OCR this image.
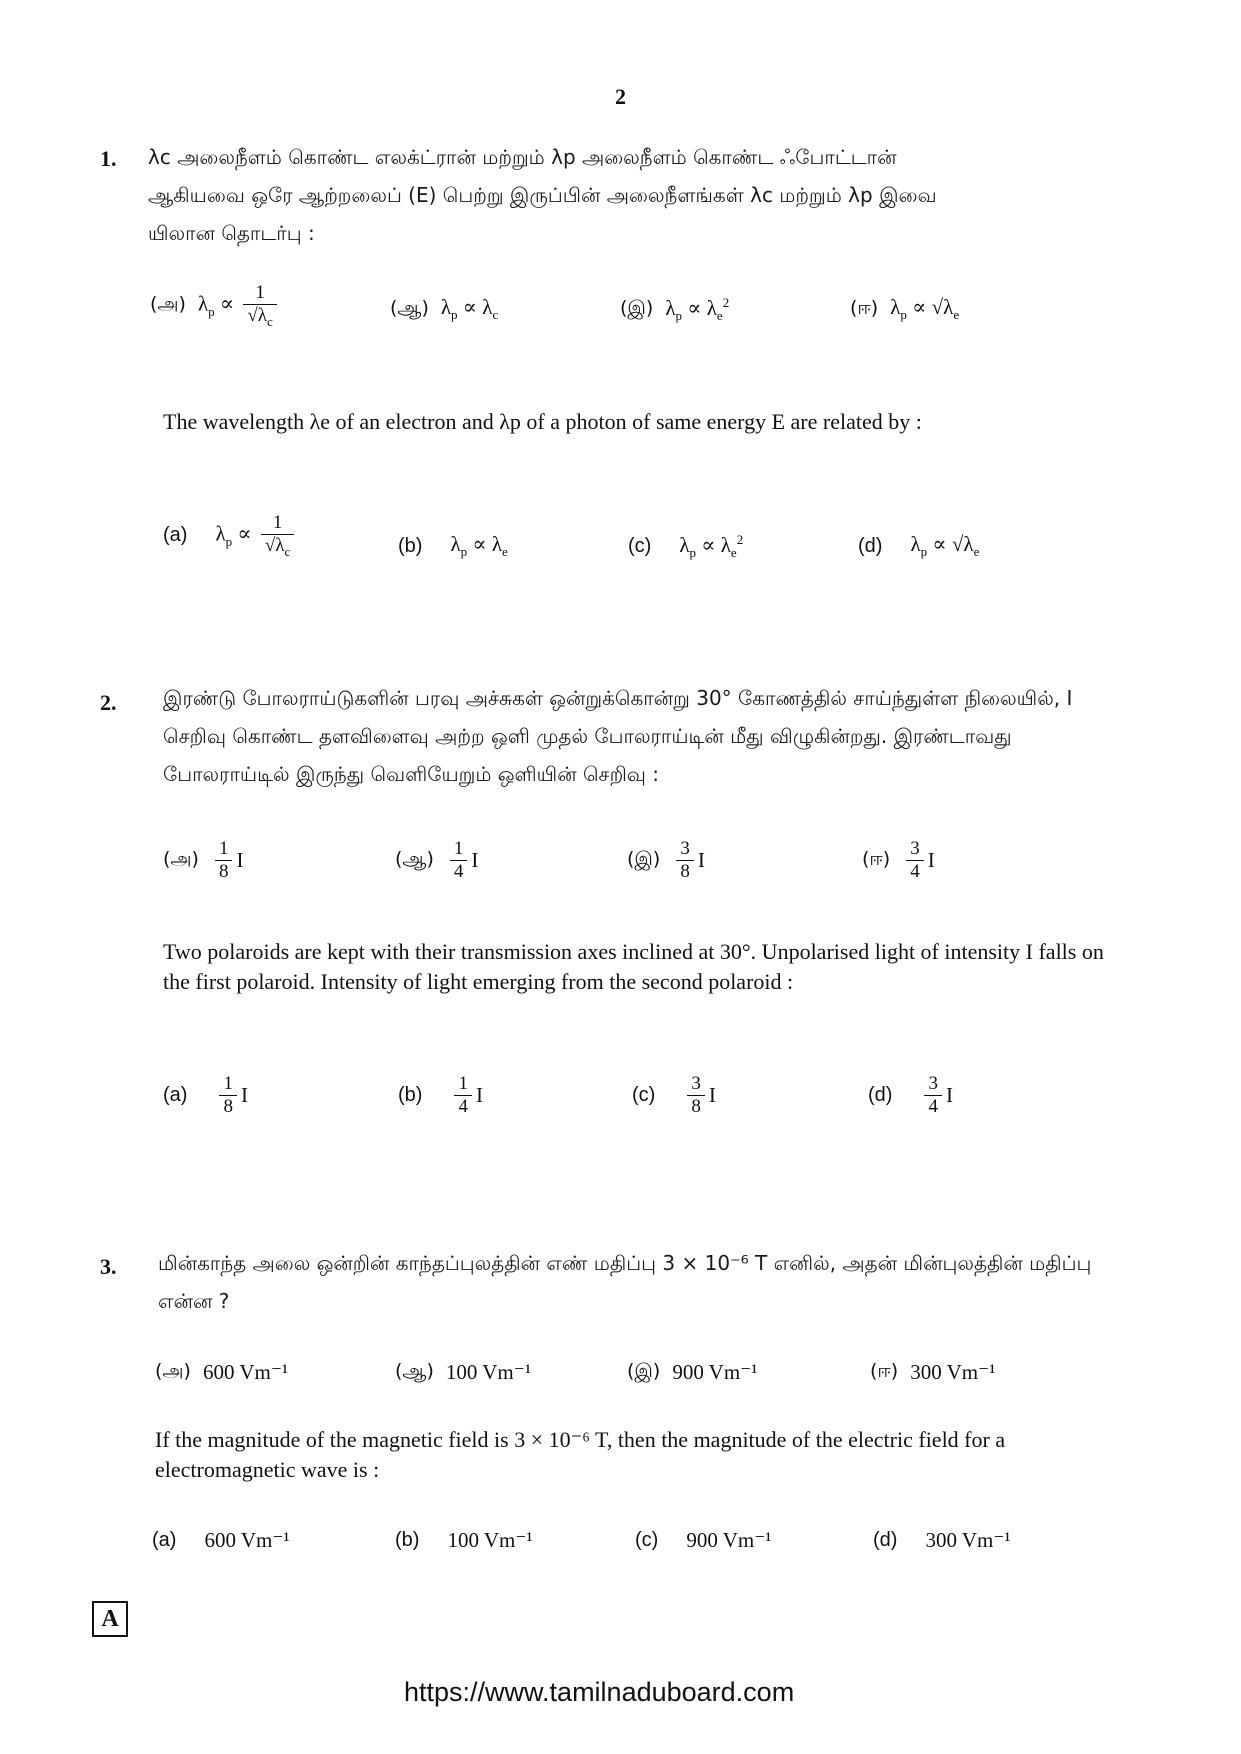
2
1. λc அலைநீளம் கொண்ட எலக்ட்ரான் மற்றும் λp அலைநீளம் கொண்ட ஃபோட்டான் ஆகியவை ஒரே ஆற்றலைப் (E) பெற்று இருப்பின் அலைநீளங்கள் λc மற்றும் λp இவை யிலான தொடர்பு :
(அ) $\lambda_p \propto \frac{1}{√\lambda_c}$	(ஆ) $\lambda_p \propto \lambda_c$	(இ) $\lambda_p \propto \lambda_e^2$	(ஈ) $\lambda_p \propto √\lambda_e$
The wavelength λe of an electron and λp of a photon of same energy E are related by :
(a) $\lambda_p \propto \frac{1}{√\lambda_c}$	(b) $\lambda_p \propto \lambda_e$	(c) $\lambda_p \propto \lambda_e^2$	(d) $\lambda_p \propto √\lambda_e$
2. இரண்டு போலராய்டுகளின் பரவு அச்சுகள் ஒன்றுக்கொன்று 30° கோணத்தில் சாய்ந்துள்ள நிலையில், I செறிவு கொண்ட தளவிளைவு அற்ற ஒளி முதல் போலராய்டின் மீது விழுகின்றது. இரண்டாவது போலராய்டில் இருந்து வெளியேறும் ஒளியின் செறிவு :
(அ) $\frac{1}{8}$ I	(ஆ) $\frac{1}{4}$ I	(இ) $\frac{3}{8}$ I	(ஈ) $\frac{3}{4}$ I
Two polaroids are kept with their transmission axes inclined at 30°. Unpolarised light of intensity I falls on the first polaroid. Intensity of light emerging from the second polaroid :
$(a) \frac{1}{8}$ I	$(b) \frac{1}{4}$ I	$(c) \frac{3}{8}$ I	$(d) \frac{3}{4}$ I
3. மின்காந்த அலை ஒன்றின் காந்தப்புலத்தின் எண் மதிப்பு 3 × 10⁻⁶ T எனில், அதன் மின்புலத்தின் மதிப்பு என்ன ?
(அ) 600 Vm⁻¹	(ஆ) 100 Vm⁻¹	(இ) 900 Vm⁻¹	(ஈ) 300 Vm⁻¹
If the magnitude of the magnetic field is 3 × 10⁻⁶ T, then the magnitude of the electric field for a electromagnetic wave is :
(a) 600 Vm⁻¹	(b) 100 Vm⁻¹	(c) 900 Vm⁻¹	(d) 300 Vm⁻¹
A
https://www.tamilnaduboard.com
